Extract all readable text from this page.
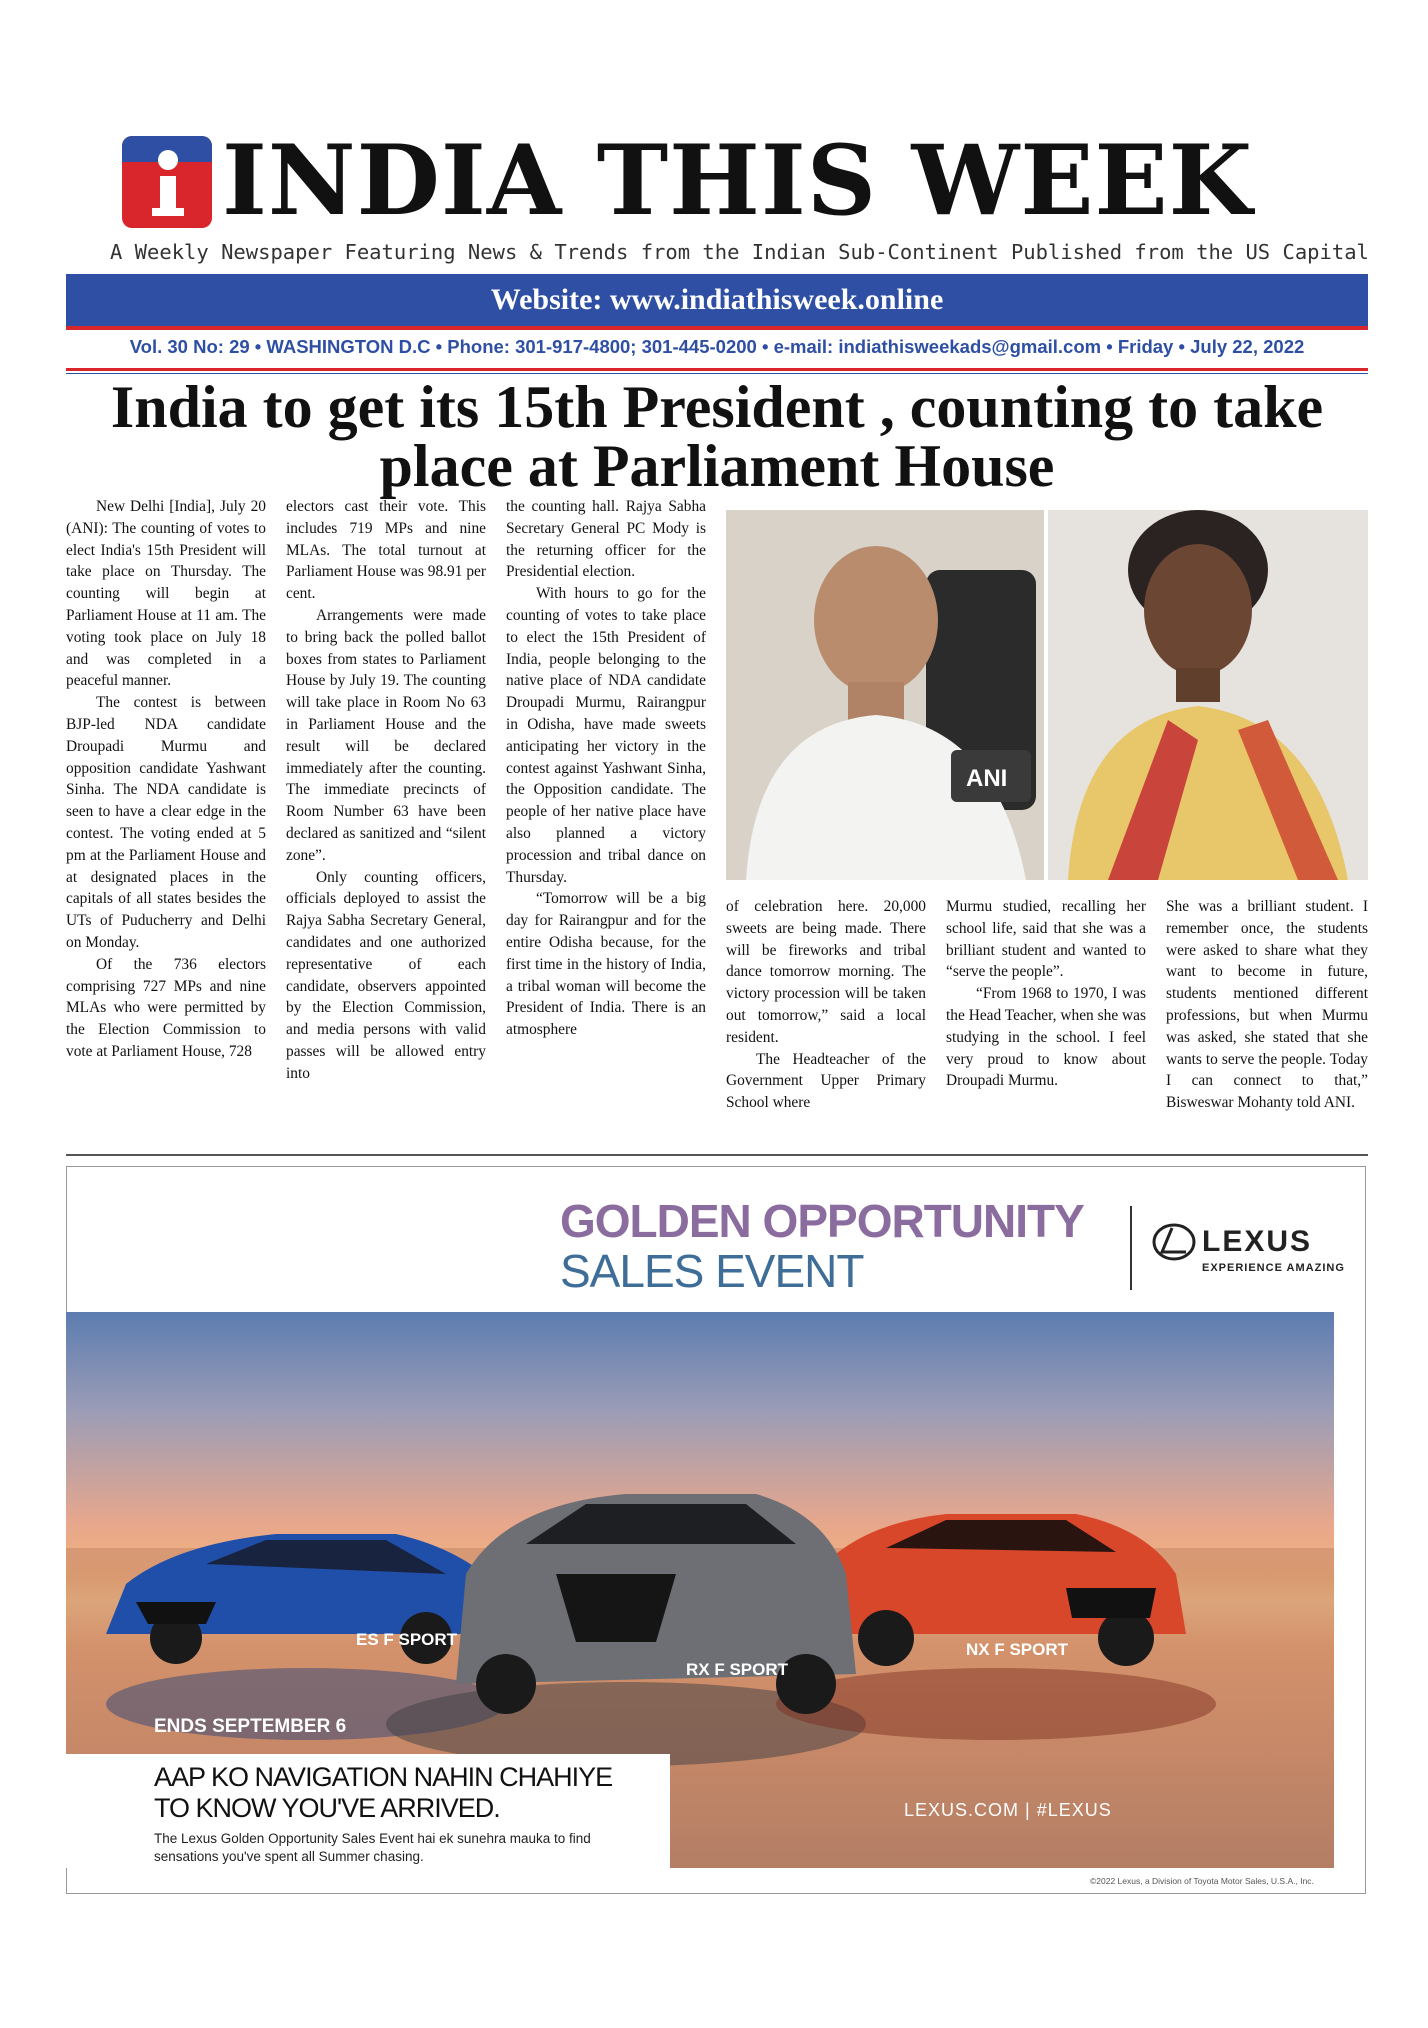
INDIA THIS WEEK
A Weekly Newspaper Featuring News & Trends from the Indian Sub-Continent Published from the US Capital
Website: www.indiathisweek.online
Vol. 30 No: 29 • WASHINGTON D.C • Phone: 301-917-4800; 301-445-0200 • e-mail: indiathisweekads@gmail.com • Friday • July 22, 2022
India to get its 15th President , counting to take place at Parliament House

New Delhi [India], July 20 (ANI): The counting of votes to elect India's 15th President will take place on Thursday. The counting will begin at Parliament House at 11 am. The voting took place on July 18 and was completed in a peaceful manner.

The contest is between BJP-led NDA candidate Droupadi Murmu and opposition candidate Yashwant Sinha. The NDA candidate is seen to have a clear edge in the contest. The voting ended at 5 pm at the Parliament House and at designated places in the capitals of all states besides the UTs of Puducherry and Delhi on Monday.

Of the 736 electors comprising 727 MPs and nine MLAs who were permitted by the Election Commission to vote at Parliament House, 728

electors cast their vote. This includes 719 MPs and nine MLAs. The total turnout at Parliament House was 98.91 per cent.

Arrangements were made to bring back the polled ballot boxes from states to Parliament House by July 19. The counting will take place in Room No 63 in Parliament House and the result will be declared immediately after the counting. The immediate precincts of Room Number 63 have been declared as sanitized and “silent zone”.

Only counting officers, officials deployed to assist the Rajya Sabha Secretary General, candidates and one authorized representative of each candidate, observers appointed by the Election Commission, and media persons with valid passes will be allowed entry into

the counting hall. Rajya Sabha Secretary General PC Mody is the returning officer for the Presidential election.

With hours to go for the counting of votes to take place to elect the 15th President of India, people belonging to the native place of NDA candidate Droupadi Murmu, Rairangpur in Odisha, have made sweets anticipating her victory in the contest against Yashwant Sinha, the Opposition candidate. The people of her native place have also planned a victory procession and tribal dance on Thursday.

“Tomorrow will be a big day for Rairangpur and for the entire Odisha because, for the first time in the history of India, a tribal woman will become the President of India. There is an atmosphere

ANI

of celebration here. 20,000 sweets are being made. There will be fireworks and tribal dance tomorrow morning. The victory procession will be taken out tomorrow,” said a local resident.

The Headteacher of the Government Upper Primary School where

Murmu studied, recalling her school life, said that she was a brilliant student and wanted to “serve the people”.

“From 1968 to 1970, I was the Head Teacher, when she was studying in the school. I feel very proud to know about Droupadi Murmu.

She was a brilliant student. I remember once, the students were asked to share what they want to become in future, students mentioned different professions, but when Murmu was asked, she stated that she wants to serve the people. Today I can connect to that,” Bisweswar Mohanty told ANI.

GOLDEN OPPORTUNITY
SALES EVENT
LEXUS
EXPERIENCE AMAZING
ES F SPORT
RX F SPORT
NX F SPORT
ENDS SEPTEMBER 6
AAP KO NAVIGATION NAHIN CHAHIYE
TO KNOW YOU'VE ARRIVED.
The Lexus Golden Opportunity Sales Event hai ek sunehra mauka to find sensations you've spent all Summer chasing.
LEXUS.COM | #LEXUS
©2022 Lexus, a Division of Toyota Motor Sales, U.S.A., Inc.
